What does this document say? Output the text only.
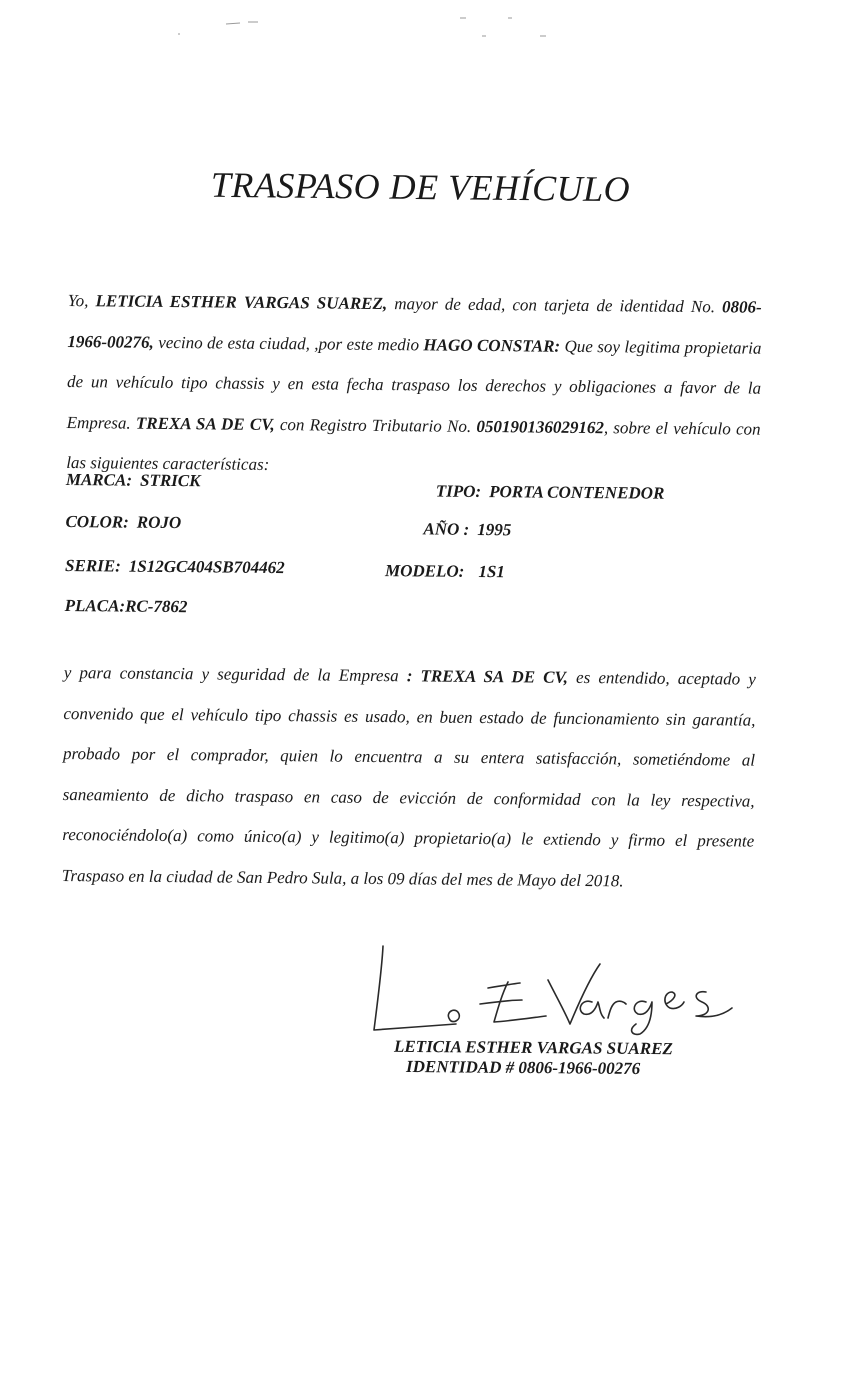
TRASPASO DE VEHÍCULO

Yo, LETICIA ESTHER VARGAS SUAREZ, mayor de edad, con tarjeta de identidad No. 0806-1966-00276, vecino de esta ciudad, ,por este medio HAGO CONSTAR: Que soy legitima propietaria de un vehículo tipo chassis y en esta fecha traspaso los derechos y obligaciones a favor de la Empresa. TREXA SA DE CV, con Registro Tributario No. 050190136029162, sobre el vehículo con las siguientes características:

MARCA: STRICK
TIPO: PORTA CONTENEDOR
COLOR: ROJO	AÑO : 1995
SERIE: 1S12GC404SB704462	MODELO: 1S1
PLACA:RC-7862

y para constancia y seguridad de la Empresa : TREXA SA DE CV, es entendido, aceptado y convenido que el vehículo tipo chassis es usado, en buen estado de funcionamiento sin garantía, probado por el comprador, quien lo encuentra a su entera satisfacción, sometiéndome al saneamiento de dicho traspaso en caso de evicción de conformidad con la ley respectiva, reconociéndolo(a) como único(a) y legitimo(a) propietario(a) le extiendo y firmo el presente Traspaso en la ciudad de San Pedro Sula, a los 09 días del mes de Mayo del 2018.

LETICIA ESTHER VARGAS SUAREZ
IDENTIDAD # 0806-1966-00276
